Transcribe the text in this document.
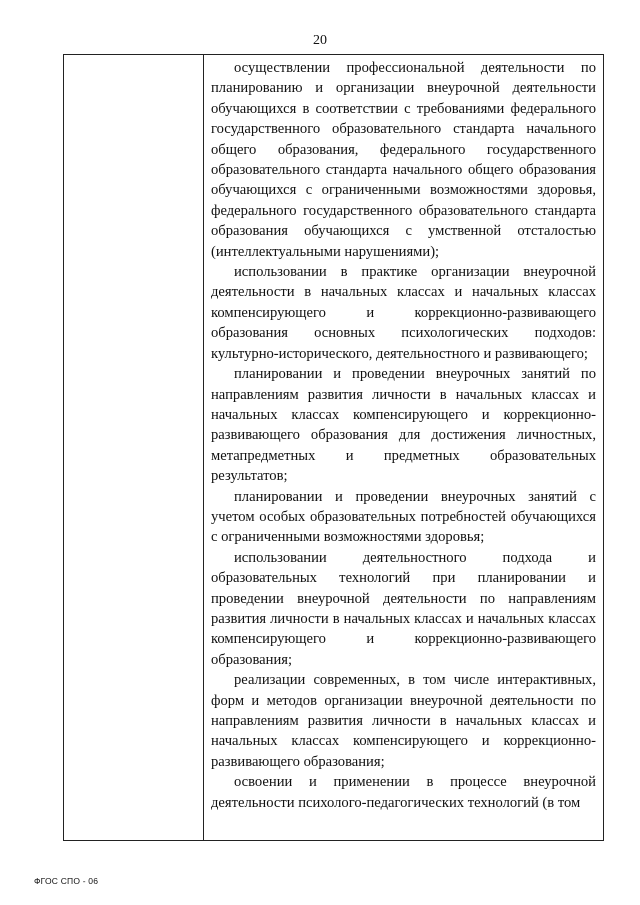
20

осуществлении профессиональной деятельности по планированию и организации внеурочной деятельности обучающихся в соответствии с требованиями федерального государственного образовательного стандарта начального общего образования, федерального государственного образовательного стандарта начального общего образования обучающихся с ограниченными возможностями здоровья, федерального государственного образовательного стандарта образования обучающихся с умственной отсталостью (интеллектуальными нарушениями);

использовании в практике организации внеурочной деятельности в начальных классах и начальных классах компенсирующего и коррекционно-развивающего образования основных психологических подходов: культурно-исторического, деятельностного и развивающего;

планировании и проведении внеурочных занятий по направлениям развития личности в начальных классах и начальных классах компенсирующего и коррекционно-развивающего образования для достижения личностных, метапредметных и предметных образовательных результатов;

планировании и проведении внеурочных занятий с учетом особых образовательных потребностей обучающихся с ограниченными возможностями здоровья;

использовании деятельностного подхода и образовательных технологий при планировании и проведении внеурочной деятельности по направлениям развития личности в начальных классах и начальных классах компенсирующего и коррекционно-развивающего образования;

реализации современных, в том числе интерактивных, форм и методов организации внеурочной деятельности по направлениям развития личности в начальных классах и начальных классах компенсирующего и коррекционно-развивающего образования;

освоении и применении в процессе внеурочной деятельности психолого-педагогических технологий (в том

ФГОС СПО - 06
